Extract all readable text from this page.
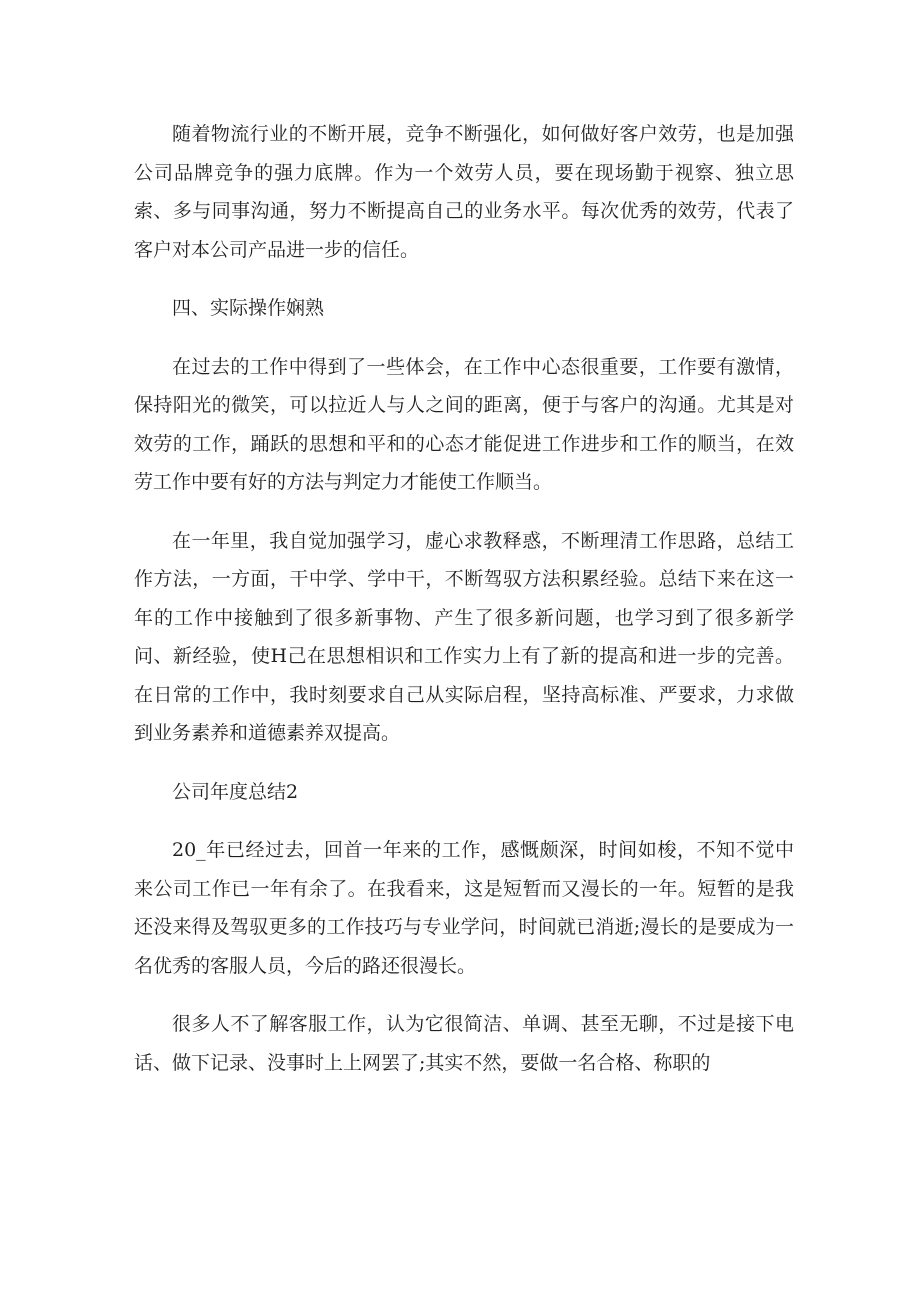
随着物流行业的不断开展，竞争不断强化，如何做好客户效劳，也是加强公司品牌竞争的强力底牌。作为一个效劳人员，要在现场勤于视察、独立思索、多与同事沟通，努力不断提高自己的业务水平。每次优秀的效劳，代表了客户对本公司产品进一步的信任。

四、实际操作娴熟

在过去的工作中得到了一些体会，在工作中心态很重要，工作要有激情，保持阳光的微笑，可以拉近人与人之间的距离，便于与客户的沟通。尤其是对效劳的工作，踊跃的思想和平和的心态才能促进工作进步和工作的顺当，在效劳工作中要有好的方法与判定力才能使工作顺当。

在一年里，我自觉加强学习，虚心求教释惑，不断理清工作思路，总结工作方法，一方面，干中学、学中干，不断驾驭方法积累经验。总结下来在这一年的工作中接触到了很多新事物、产生了很多新问题，也学习到了很多新学问、新经验，使H己在思想相识和工作实力上有了新的提高和进一步的完善。在日常的工作中，我时刻要求自己从实际启程，坚持高标准、严要求，力求做到业务素养和道德素养双提高。

公司年度总结2

20_年已经过去，回首一年来的工作，感慨颇深，时间如梭，不知不觉中来公司工作已一年有余了。在我看来，这是短暂而又漫长的一年。短暂的是我还没来得及驾驭更多的工作技巧与专业学问，时间就已消逝;漫长的是要成为一名优秀的客服人员，今后的路还很漫长。

很多人不了解客服工作，认为它很简洁、单调、甚至无聊，不过是接下电话、做下记录、没事时上上网罢了;其实不然，要做一名合格、称职的
